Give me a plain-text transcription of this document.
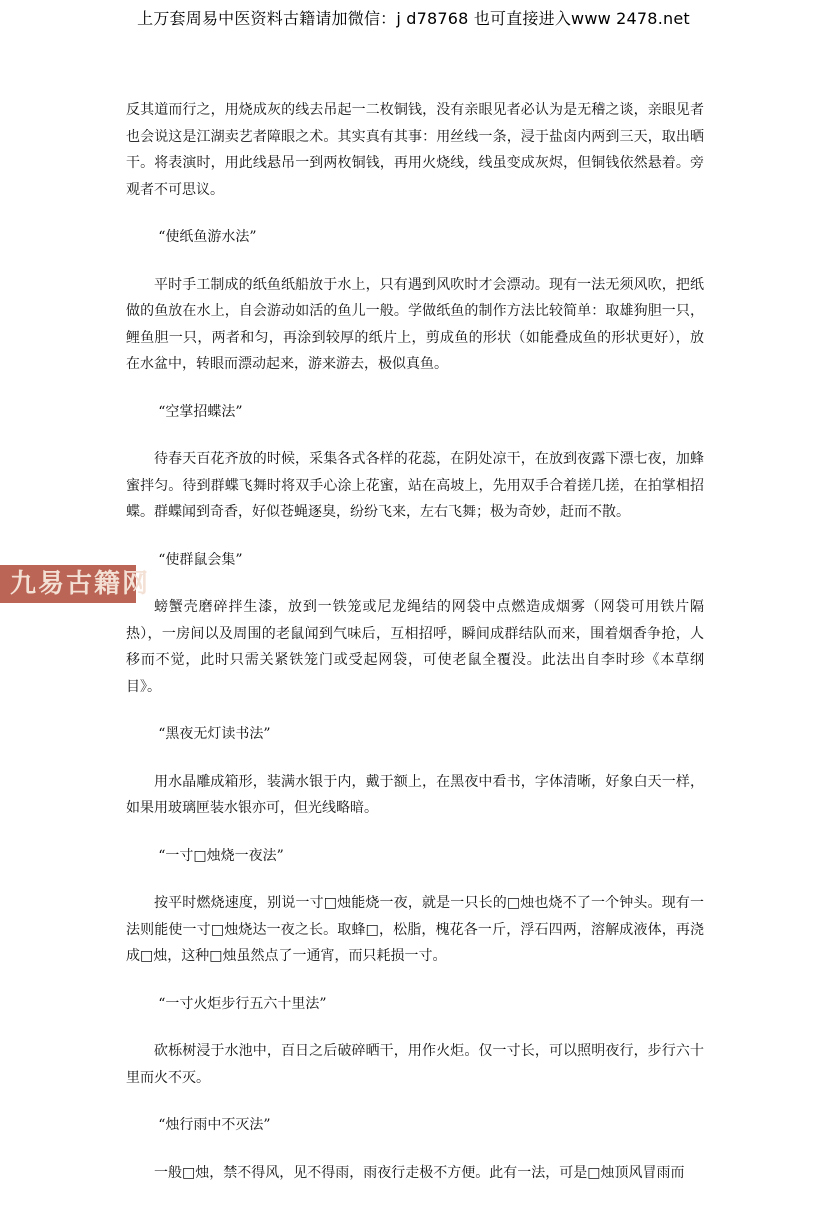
上万套周易中医资料古籍请加微信：j d78768 也可直接进入www 2478.net

反其道而行之，用烧成灰的线去吊起一二枚铜钱，没有亲眼见者必认为是无稽之谈，亲眼见者也会说这是江湖卖艺者障眼之术。其实真有其事：用丝线一条，浸于盐卤内两到三天，取出晒干。将表演时，用此线悬吊一到两枚铜钱，再用火烧线，线虽变成灰烬，但铜钱依然悬着。旁观者不可思议。

“使纸鱼游水法”

平时手工制成的纸鱼纸船放于水上，只有遇到风吹时才会漂动。现有一法无须风吹，把纸做的鱼放在水上，自会游动如活的鱼儿一般。学做纸鱼的制作方法比较简单：取雄狗胆一只，鲤鱼胆一只，两者和匀，再涂到较厚的纸片上，剪成鱼的形状（如能叠成鱼的形状更好），放在水盆中，转眼而漂动起来，游来游去，极似真鱼。

“空掌招蝶法”

待春天百花齐放的时候，采集各式各样的花蕊，在阴处凉干，在放到夜露下漂七夜，加蜂蜜拌匀。待到群蝶飞舞时将双手心涂上花蜜，站在高坡上，先用双手合着搓几搓，在拍掌相招蝶。群蝶闻到奇香，好似苍蝇逐臭，纷纷飞来，左右飞舞；极为奇妙，赶而不散。

“使群鼠会集”

螃蟹壳磨碎拌生漆，放到一铁笼或尼龙绳结的网袋中点燃造成烟雾（网袋可用铁片隔热），一房间以及周围的老鼠闻到气味后，互相招呼，瞬间成群结队而来，围着烟香争抢，人移而不觉，此时只需关紧铁笼门或受起网袋，可使老鼠全覆没。此法出自李时珍《本草纲目》。

“黑夜无灯读书法”

用水晶雕成箱形，装满水银于内，戴于额上，在黑夜中看书，字体清晰，好象白天一样，如果用玻璃匣装水银亦可，但光线略暗。

“一寸□烛烧一夜法”

按平时燃烧速度，别说一寸□烛能烧一夜，就是一只长的□烛也烧不了一个钟头。现有一法则能使一寸□烛烧达一夜之长。取蜂□，松脂，槐花各一斤，浮石四两，溶解成液体，再浇成□烛，这种□烛虽然点了一通宵，而只耗损一寸。

“一寸火炬步行五六十里法”

砍栎树浸于水池中，百日之后破碎晒干，用作火炬。仅一寸长，可以照明夜行，步行六十里而火不灭。

“烛行雨中不灭法”

一般□烛，禁不得风，见不得雨，雨夜行走极不方便。此有一法，可是□烛顶风冒雨而

九易古籍网
